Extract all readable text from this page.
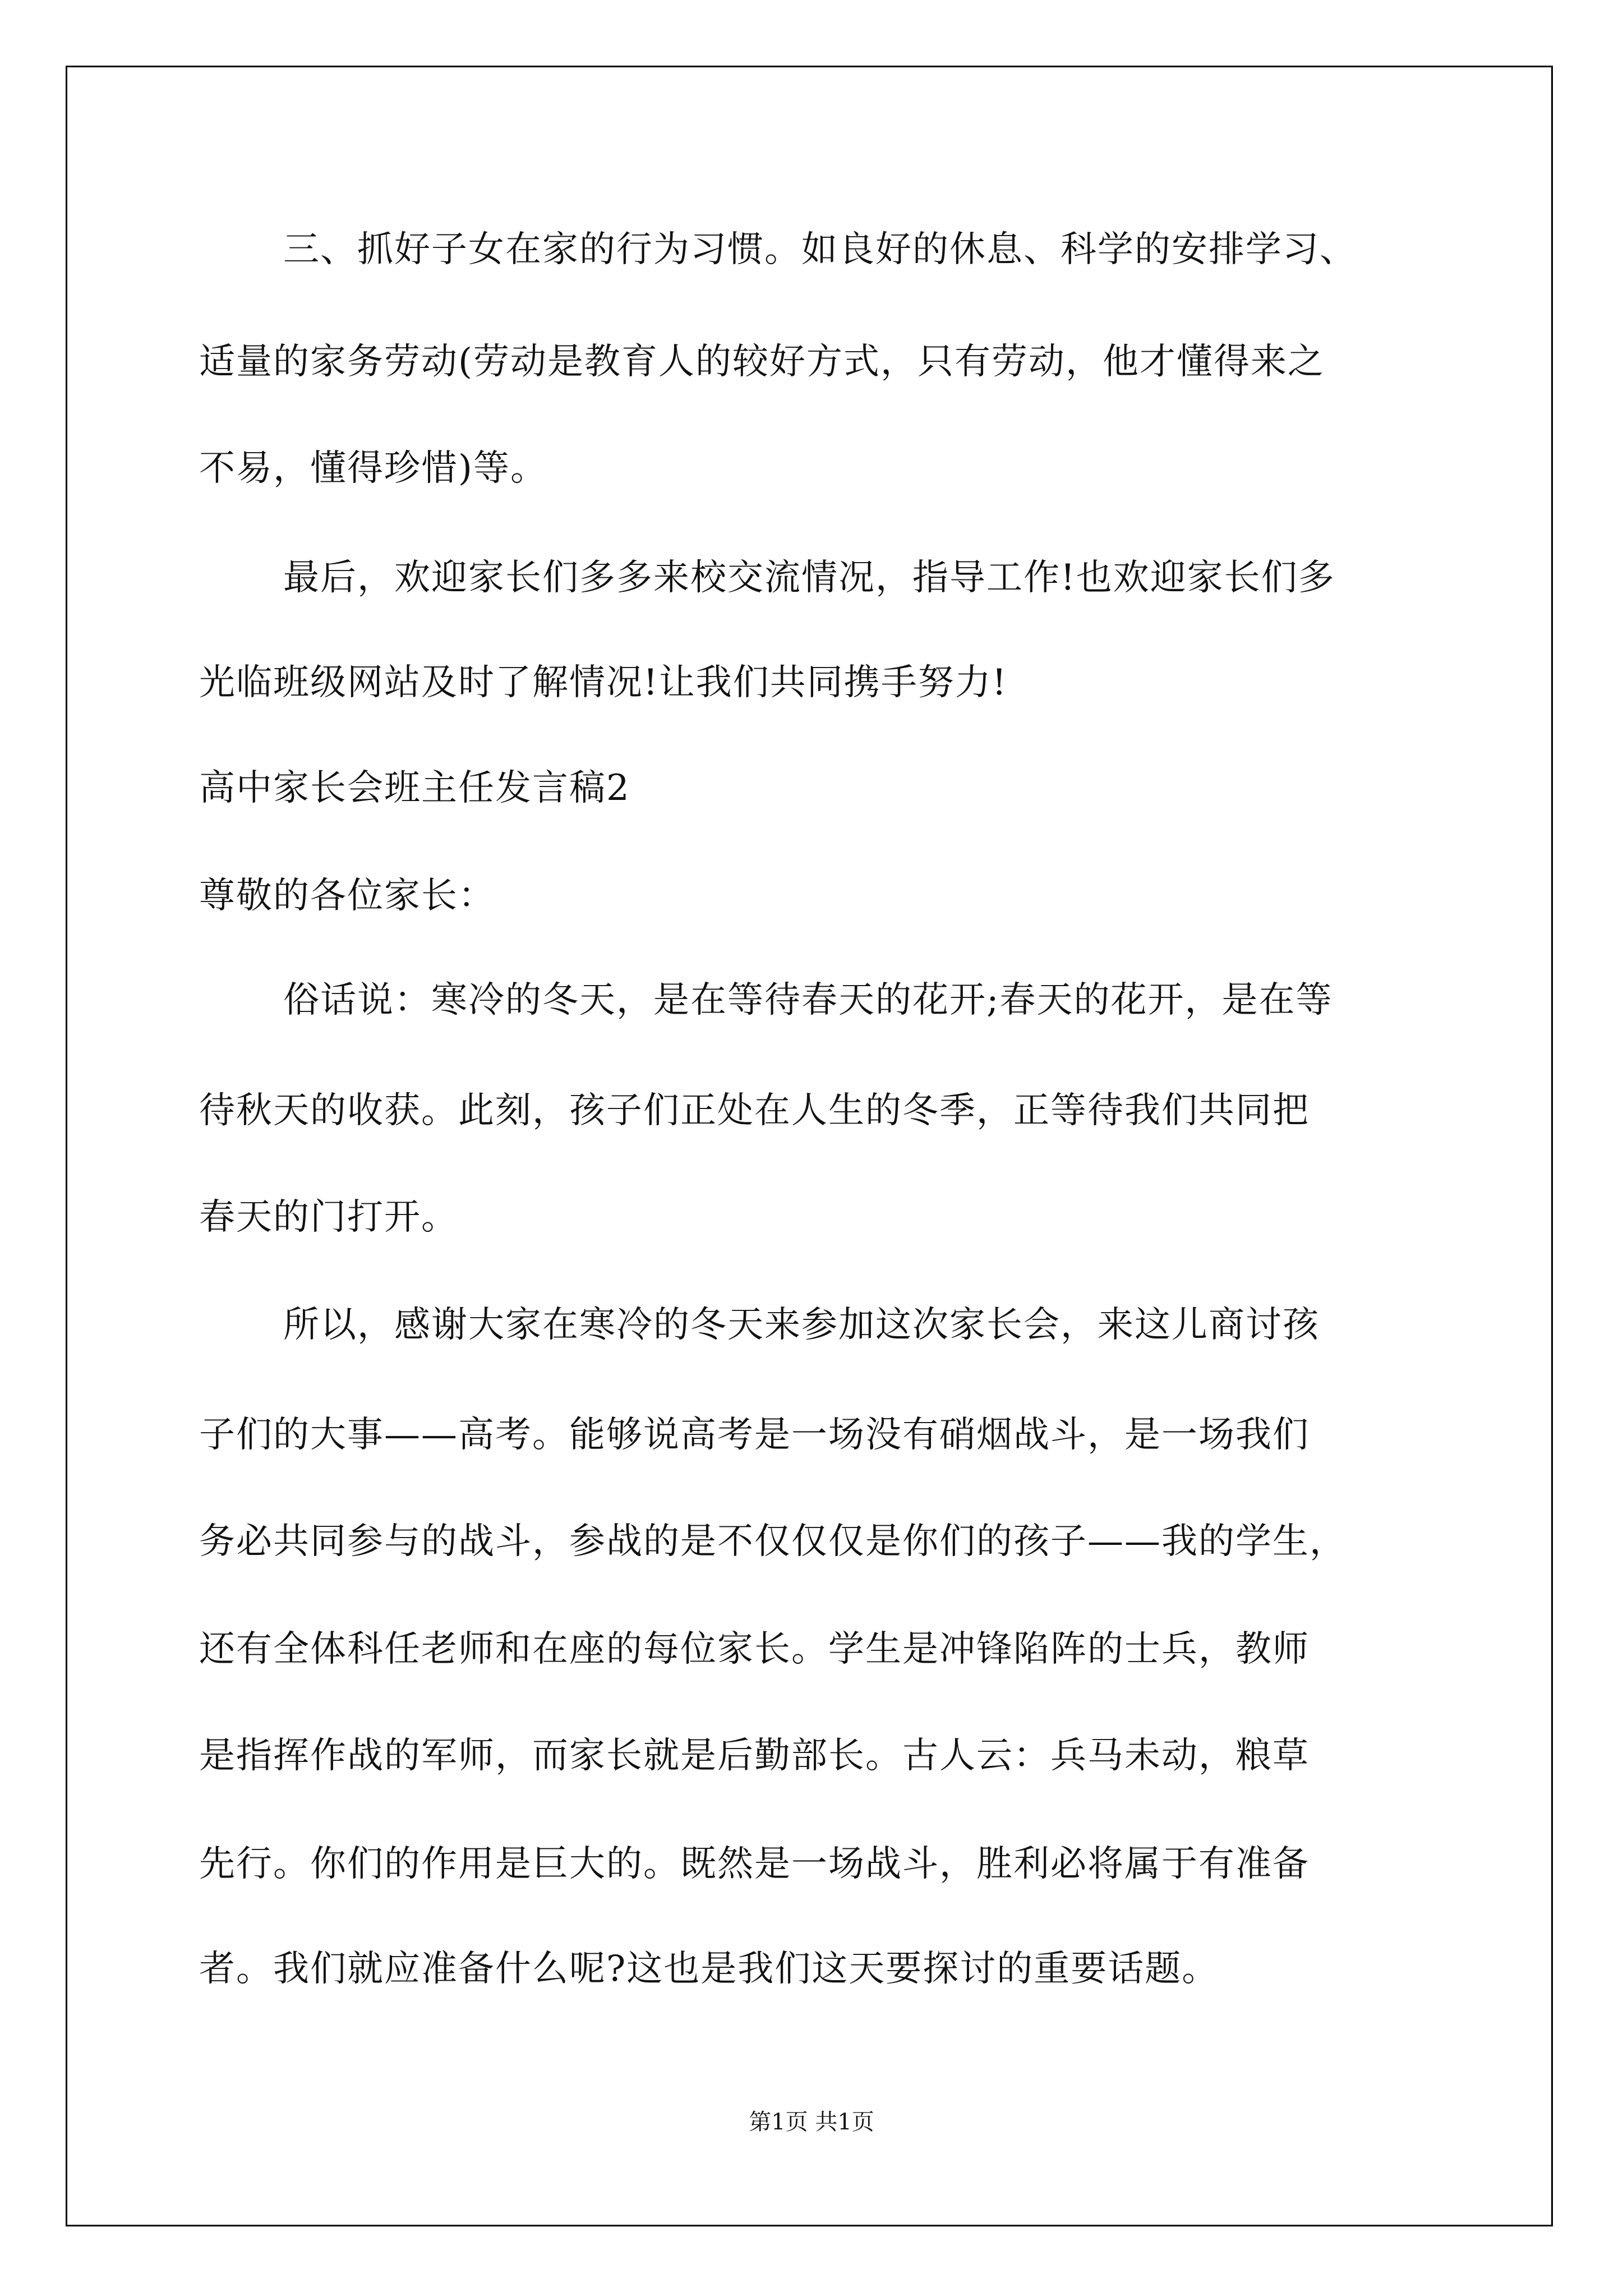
三、抓好子女在家的行为习惯。如良好的休息、科学的安排学习、
适量的家务劳动(劳动是教育人的较好方式，只有劳动，他才懂得来之
不易，懂得珍惜)等。
最后，欢迎家长们多多来校交流情况，指导工作!也欢迎家长们多
光临班级网站及时了解情况!让我们共同携手努力!
高中家长会班主任发言稿2
尊敬的各位家长：
俗话说：寒冷的冬天，是在等待春天的花开;春天的花开，是在等
待秋天的收获。此刻，孩子们正处在人生的冬季，正等待我们共同把
春天的门打开。
所以，感谢大家在寒冷的冬天来参加这次家长会，来这儿商讨孩
子们的大事——高考。能够说高考是一场没有硝烟战斗，是一场我们
务必共同参与的战斗，参战的是不仅仅仅是你们的孩子——我的学生，
还有全体科任老师和在座的每位家长。学生是冲锋陷阵的士兵，教师
是指挥作战的军师，而家长就是后勤部长。古人云：兵马未动，粮草
先行。你们的作用是巨大的。既然是一场战斗，胜利必将属于有准备
者。我们就应准备什么呢?这也是我们这天要探讨的重要话题。
第1页 共1页
